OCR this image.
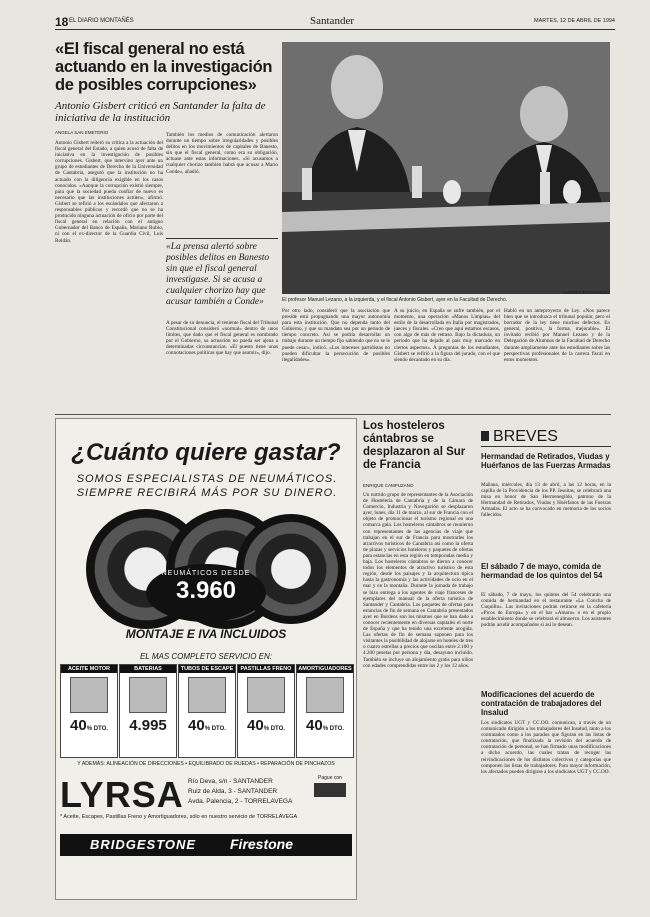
18 EL DIARIO MONTAÑÉS	Santander	MARTES, 12 DE ABRIL DE 1994
«El fiscal general no está actuando en la investigación de posibles corrupciones»
Antonio Gisbert criticó en Santander la falta de iniciativa de la institución
ANGELA SAN EMETERIO
Antonio Gisbert reiteró su crítica a la actuación del fiscal general del Estado, a quien acusó de falta de iniciativa en la investigación de posibles corrupciones. Gisbert, que intervino ayer ante un grupo de estudiantes de Derecho de la Universidad de Cantabria, aseguró que la institución no ha actuado con la diligencia exigible en los casos conocidos. «Aunque la corrupción existió siempre, para que la sociedad pueda confiar de nuevo es necesario que las instituciones actúen», afirmó. Gisbert se refirió a los escándalos que afectaron a responsables públicos y recordó que no se ha producido ninguna actuación de oficio por parte del fiscal general en relación con el antiguo Gobernador del Banco de España, Mariano Rubio, ni con el ex-director de la Guardia Civil, Luis Roldán.
También los medios de comunicación alertaron durante un tiempo sobre irregularidades y posibles delitos en los movimientos de capitales de Banesto, sin que el fiscal general, como era su obligación, actuase ante estas informaciones. «Si acusamos a cualquier chorizo también habrá que acusar a Mario Conde», añadió.
«La prensa alertó sobre posibles delitos en Banesto sin que el fiscal general investigase. Si se acusa a cualquier chorizo hay que acusar también a Conde»
A pesar de su denuncia, el teniente fiscal del Tribunal Constitucional consideró «normal» dentro de unos límites, que dado que el fiscal general es nombrado por el Gobierno, su actuación no pueda ser ajena a determinadas circunstancias. «El puesto tiene unas connotaciones políticas que hay que asumir», dijo.
Por otro lado, consideró que la asociación que preside está propugnando una mayor autonomía para esta institución. Que no dependa tanto del Gobierno, y que su mandato sea por un periodo de tiempo concreto. Así se podría desarrollar un trabajo durante un tiempo fijo sabiendo que no se le puede cesar», indicó. «Los intereses partidistas no pueden dificultar la persecución de posibles ilegalidades».
A su juicio, en España se sufre también, por el momento, una operación «Manos Limpias» del estilo de la desarrollada en Italia por magistrados, jueces y fiscales. «Creo que aquí estamos escasos, con algo de más de retraso. Bajo la dictadura, un periodo que ha dejado al país muy marcado en ciertos aspectos». A preguntas de los estudiantes, Gisbert se refirió a la figura del jurado, con el que siendo decantado en su día.
Habló en un anteproyecto de Ley. «Nos parece bien que se introduzca el tribunal popular, pero el borrador de la ley tiene muchos defectos. En general, positivo, la forma, mejorable». El invitado recibió por Manuel Lezano y de la Delegación de Alumnos de la Facultad de Derecho durante ampliamente ante los estudiantes sobre las perspectivas profesionales de la carrera fiscal en estos momentos.
ANDRÉS FERNÁNDEZ
El profesor Manuel Lezano, a la izquierda, y el fiscal Antonio Gisbert, ayer en la Facultad de Derecho.
¿Cuánto quiere gastar?
SOMOS ESPECIALISTAS DE NEUMÁTICOS.
SIEMPRE RECIBIRÁ MÁS POR SU DINERO.
NEUMÁTICOS DESDE
3.960
MONTAJE E IVA INCLUIDOS
EL MAS COMPLETO SERVICIO EN:
ACEITE MOTOR
40% DTO.
BATERIAS
4.995
TUBOS DE ESCAPE
40% DTO.
PASTILLAS FRENO
40% DTO.
AMORTIGUADORES
40% DTO.
Y ADEMÁS: ALINEACIÓN DE DIRECCIONES • EQUILIBRADO DE RUEDAS • REPARACIÓN DE PINCHAZOS
LYRSA Río Deva, s/n - SANTANDER
Ruiz de Alda, 3 - SANTANDER
Avda. Palencia, 2 - TORRELAVEGA
Pague con
* Aceite, Escapes, Pastillas Freno y Amortiguadores, sólo en nuestro servicio de TORRELAVEGA
BRIDGESTONE Firestone
Los hosteleros cántabros se desplazaron al Sur de Francia
ENRIQUE CAMPUZANO
Un nutrido grupo de representantes de la Asociación de Hostelería de Cantabria y de la Cámara de Comercio, Industria y Navegación se desplazaron ayer, lunes, día 11 de marzo, al sur de Francia con el objeto de promocionar el turismo regional en una comarca gala. Los hosteleros cántabros se reunieron con representantes de las agencias de viaje que trabajan en el sur de Francia para mostrarles los atractivos turísticos de Cantabria así como la oferta de plazas y servicios hoteleros y paquetes de ofertas para estancias en esta región en temporadas media y baja. Los hosteleros cántabros se dieron a conocer todos los elementos de atractivo turístico de esta región, desde los paisajes y la arquitectura típica hasta la gastronomía y las actividades de ocio en el mar y en la montaña. Durante la jornada de trabajo se hizo entrega a los agentes de viaje franceses de ejemplares del manual de la oferta turística de Santander y Cantabria. Los paquetes de ofertas para estancias de fin de semana en Cantabria presentados ayer en Burdeos son los mismos que se han dado a conocer recientemente en diversas capitales el norte de España y que ha tenido una excelente acogida. Las ofertas de fin de semana suponen para los visitantes la posibilidad de alojarse en hoteles de tres o cuatro estrellas a precios que oscilan entre 2.100 y 4.200 pesetas por persona y día, desayuno incluido. También se incluye un alojamiento gratis para niños con edades comprendidas entre los 2 y los 12 años.
BREVES
Hermandad de Retirados, Viudas y Huérfanos de las Fuerzas Armadas
Mañana, miércoles, día 13 de abril, a las 12 horas, en la capilla de la Providencia de los PP. Jesuitas, se celebrará una misa en honor de San Hermenegildo, patrono de la Hermandad de Retirados, Viudas y Huérfanos de las Fuerzas Armadas. El acto se ha convocado en memoria de los socios fallecidos.
El sábado 7 de mayo, comida de hermandad de los quintos del 54
El sábado, 7 de mayo, los quintos del 54 celebrarán una comida de hermandad en el restaurante «La Concha de Cuquillo». Las invitaciones podrán retirarse en la cafetería «Picos de Europa» y en el bar «Amaro» o en el propio establecimiento donde se celebrará el almuerzo. Los asistentes podrán acudir acompañados si así lo desean.
Modificaciones del acuerdo de contratación de trabajadores del Insalud
Los sindicatos UGT y CC.OO. comunican, a través de un comunicado dirigido a los trabajadores del Insalud, tanto a los contratados como a los parados que figuran en las listas de contratación, que finalizada la revisión del acuerdo de contratación de personal, se han firmado unas modificaciones a dicho acuerdo, las cuales tratan de recoger las reivindicaciones de los distintos colectivos y categorías que componen las listas de trabajadores. Para mayor información, los afectados pueden dirigirse a los sindicatos UGT y CC.OO.
